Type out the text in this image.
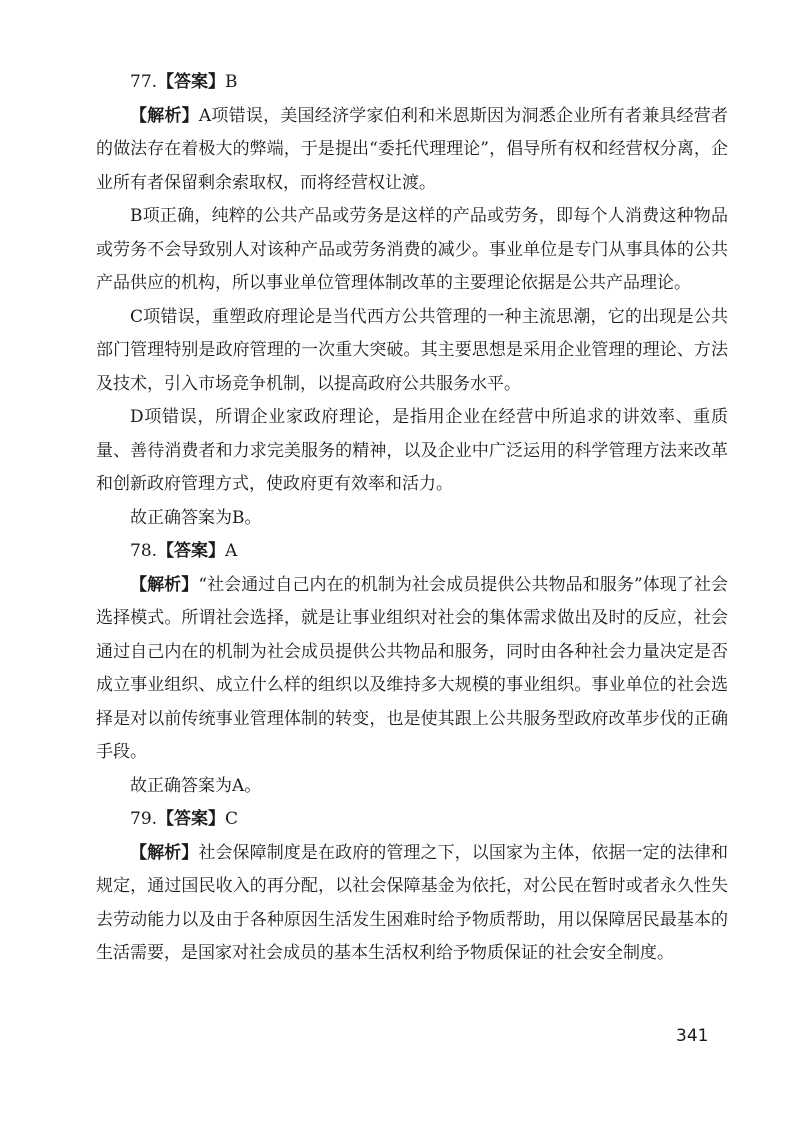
77.【答案】B

【解析】A项错误，美国经济学家伯利和米恩斯因为洞悉企业所有者兼具经营者的做法存在着极大的弊端，于是提出“委托代理理论”，倡导所有权和经营权分离，企业所有者保留剩余索取权，而将经营权让渡。

B项正确，纯粹的公共产品或劳务是这样的产品或劳务，即每个人消费这种物品或劳务不会导致别人对该种产品或劳务消费的减少。事业单位是专门从事具体的公共产品供应的机构，所以事业单位管理体制改革的主要理论依据是公共产品理论。

C项错误，重塑政府理论是当代西方公共管理的一种主流思潮，它的出现是公共部门管理特别是政府管理的一次重大突破。其主要思想是采用企业管理的理论、方法及技术，引入市场竞争机制，以提高政府公共服务水平。

D项错误，所谓企业家政府理论，是指用企业在经营中所追求的讲效率、重质量、善待消费者和力求完美服务的精神，以及企业中广泛运用的科学管理方法来改革和创新政府管理方式，使政府更有效率和活力。

故正确答案为B。

78.【答案】A

【解析】“社会通过自己内在的机制为社会成员提供公共物品和服务”体现了社会选择模式。所谓社会选择，就是让事业组织对社会的集体需求做出及时的反应，社会通过自己内在的机制为社会成员提供公共物品和服务，同时由各种社会力量决定是否成立事业组织、成立什么样的组织以及维持多大规模的事业组织。事业单位的社会选择是对以前传统事业管理体制的转变，也是使其跟上公共服务型政府改革步伐的正确手段。

故正确答案为A。

79.【答案】C

【解析】社会保障制度是在政府的管理之下，以国家为主体，依据一定的法律和规定，通过国民收入的再分配，以社会保障基金为依托，对公民在暂时或者永久性失去劳动能力以及由于各种原因生活发生困难时给予物质帮助，用以保障居民最基本的生活需要，是国家对社会成员的基本生活权利给予物质保证的社会安全制度。

341
